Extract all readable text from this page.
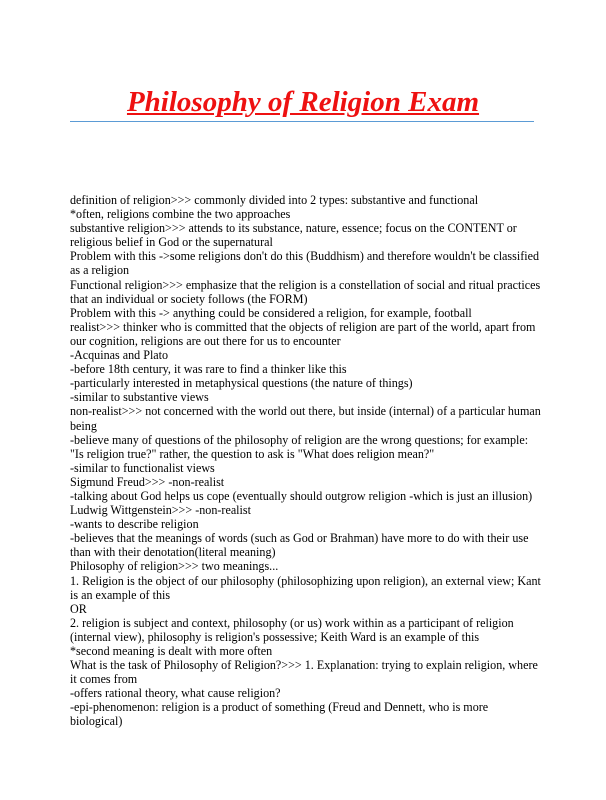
Philosophy of Religion Exam
definition of religion>>> commonly divided into 2 types: substantive and functional
*often, religions combine the two approaches
substantive religion>>> attends to its substance, nature, essence; focus on the CONTENT or
religious belief in God or the supernatural
Problem with this ->some religions don't do this (Buddhism) and therefore wouldn't be classified
as a religion
Functional religion>>> emphasize that the religion is a constellation of social and ritual practices
that an individual or society follows (the FORM)
Problem with this -> anything could be considered a religion, for example, football
realist>>> thinker who is committed that the objects of religion are part of the world, apart from
our cognition, religions are out there for us to encounter
-Acquinas and Plato
-before 18th century, it was rare to find a thinker like this
-particularly interested in metaphysical questions (the nature of things)
-similar to substantive views
non-realist>>> not concerned with the world out there, but inside (internal) of a particular human
being
-believe many of questions of the philosophy of religion are the wrong questions; for example:
"Is religion true?" rather, the question to ask is "What does religion mean?"
-similar to functionalist views
Sigmund Freud>>> -non-realist
-talking about God helps us cope (eventually should outgrow religion -which is just an illusion)
Ludwig Wittgenstein>>> -non-realist
-wants to describe religion
-believes that the meanings of words (such as God or Brahman) have more to do with their use
than with their denotation(literal meaning)
Philosophy of religion>>> two meanings...
1. Religion is the object of our philosophy (philosophizing upon religion), an external view; Kant
is an example of this
OR
2. religion is subject and context, philosophy (or us) work within as a participant of religion
(internal view), philosophy is religion's possessive; Keith Ward is an example of this
*second meaning is dealt with more often
What is the task of Philosophy of Religion?>>> 1. Explanation: trying to explain religion, where
it comes from
-offers rational theory, what cause religion?
-epi-phenomenon: religion is a product of something (Freud and Dennett, who is more
biological)
